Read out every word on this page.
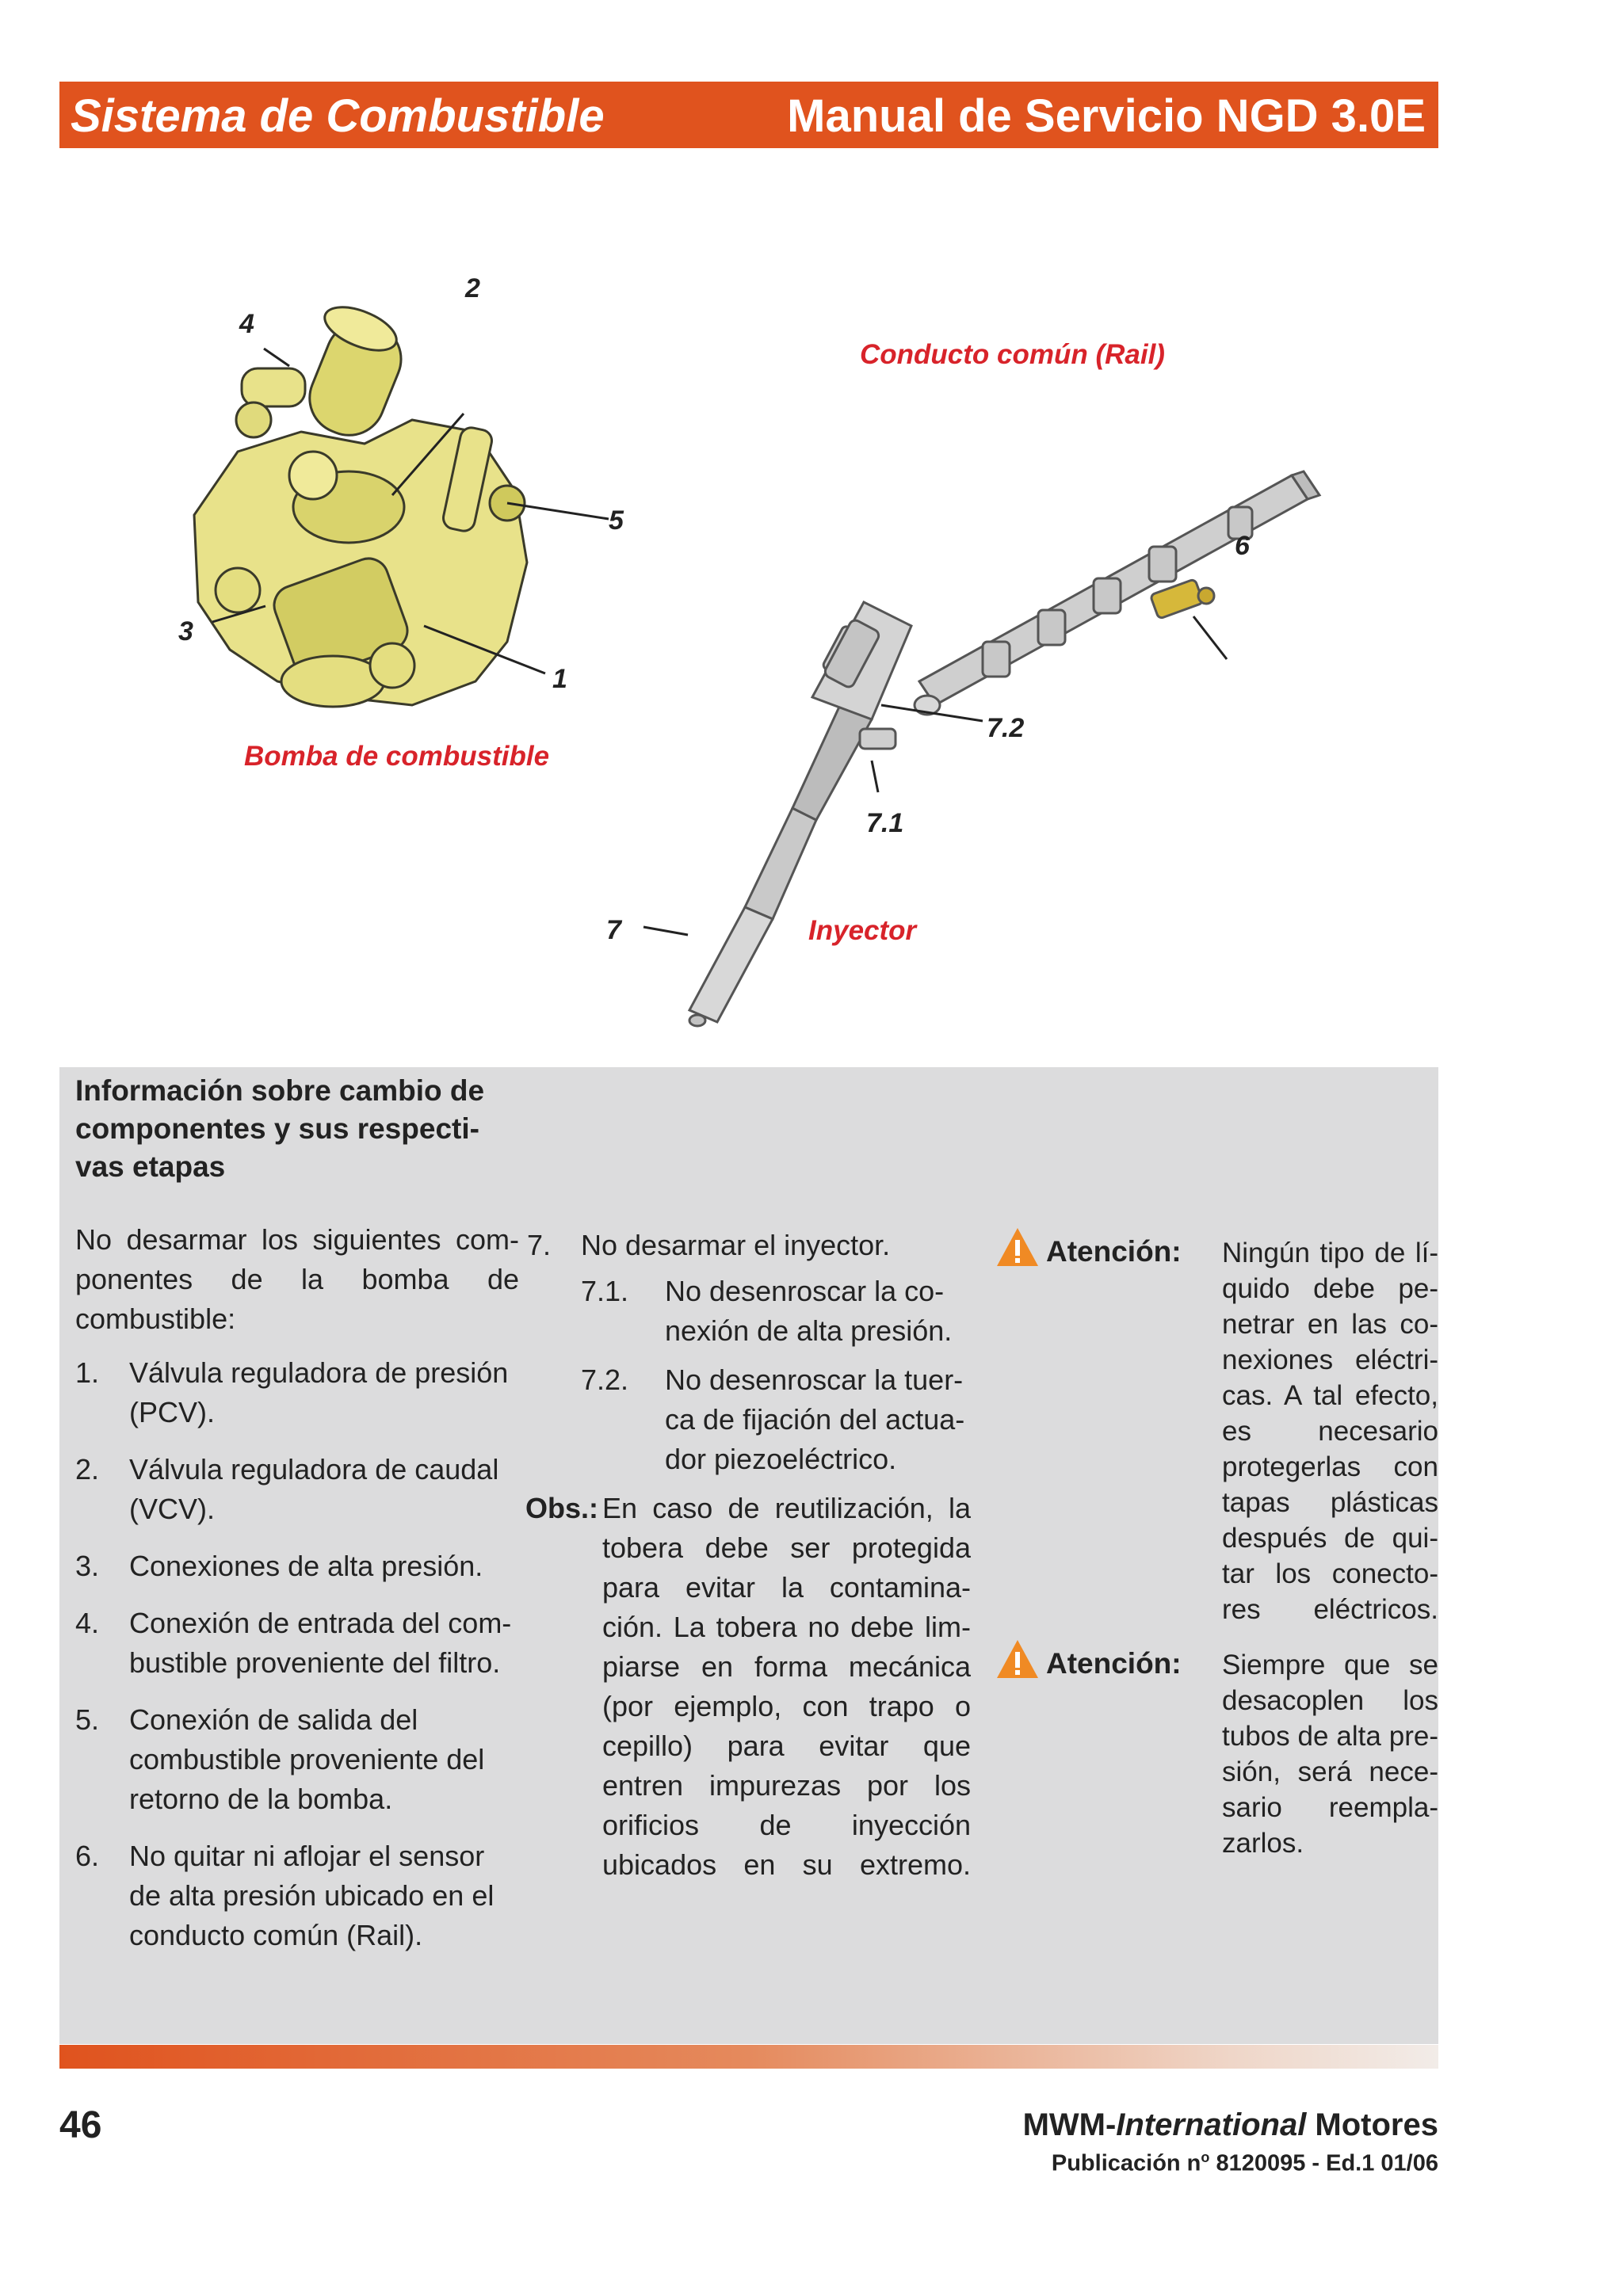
Sistema de Combustible	Manual de Servicio NGD 3.0E
2
4
5
3
1
6
7.2
7.1
7
Conducto común (Rail)
Bomba de combustible
Inyector
Información sobre cambio de componentes y sus respecti-vas etapas

No desarmar los siguientes com-ponentes de la bomba de combustible:

1. Válvula reguladora de presión (PCV).
2. Válvula reguladora de caudal (VCV).
3. Conexiones de alta presión.
4. Conexión de entrada del com-bustible proveniente del filtro.
5. Conexión de salida del combustible proveniente del retorno de la bomba.
6. No quitar ni aflojar el sensor de alta presión ubicado en el conducto común (Rail).
7. No desarmar el inyector.
7.1. No desenroscar la co-nexión de alta presión.
7.2. No desenroscar la tuer-ca de fijación del actua-dor piezoeléctrico.
Obs.: En caso de reutilización, la tobera debe ser protegida para evitar la contamina-ción. La tobera no debe lim-piarse en forma mecánica (por ejemplo, con trapo o cepillo) para evitar que entren impurezas por los orificios de inyección ubicados en su extremo.

Atención: Ningún tipo de lí-quido debe pe-netrar en las co-nexiones eléctri-cas. A tal efecto, es necesario protegerlas con tapas plásticas después de qui-tar los conecto-res eléctricos.

Atención: Siempre que se desacoplen los tubos de alta pre-sión, será nece-sario reempla-zarlos.

46	MWM-International Motores
Publicación $n^o$ 8120095 - Ed.1 01/06
